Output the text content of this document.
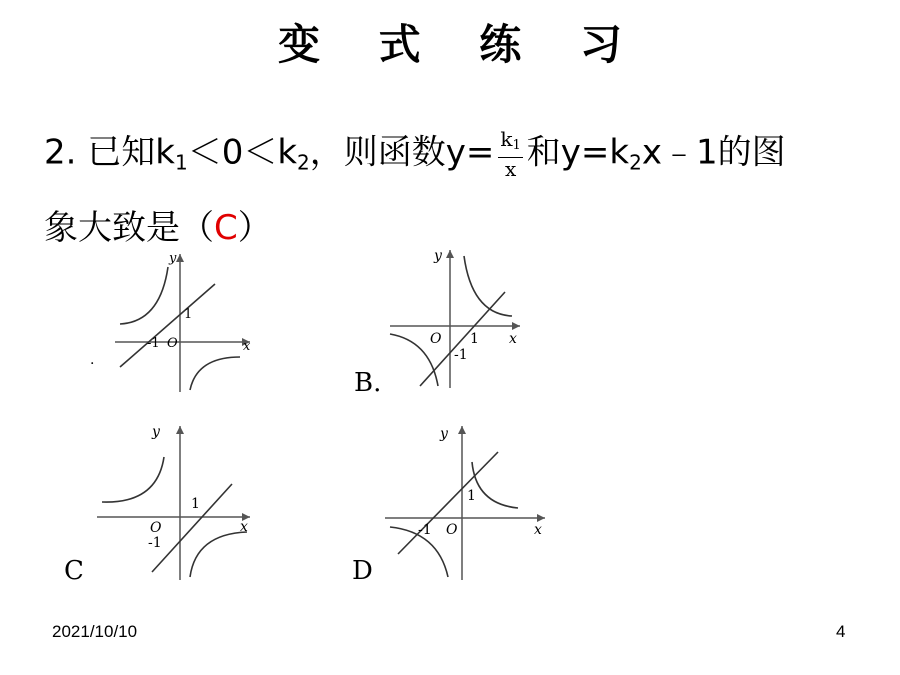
变 式 练 习
2. 已知$k_1<0<k_2$，则函数$y= \frac{k1}{x}$ 和$y=k_2x﹣1$的图
象大致是（C）
y
x
O
1
-1
·
y
x
O 1
-1
B.
y
x
O
1
-1
C
y
x
O
1
-1
D
2021/10/10	4
